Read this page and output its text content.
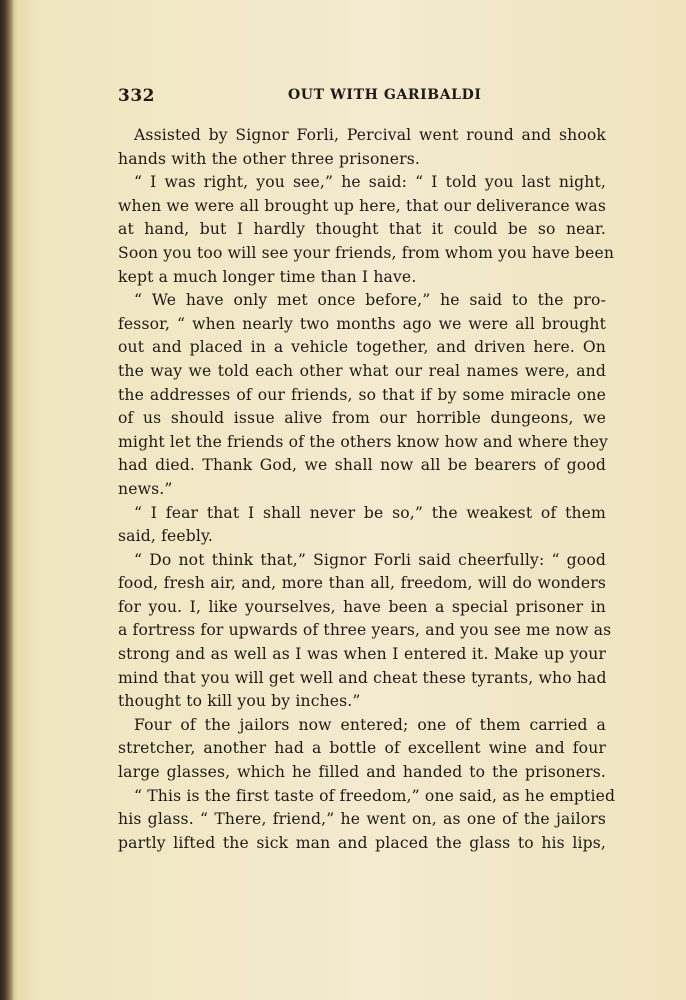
332	OUT WITH GARIBALDI
Assisted by Signor Forli, Percival went round and shook
hands with the other three prisoners.
“ I was right, you see,” he said: “ I told you last night,
when we were all brought up here, that our deliverance was
at hand, but I hardly thought that it could be so near.
Soon you too will see your friends, from whom you have been
kept a much longer time than I have.
“ We have only met once before,” he said to the pro-
fessor, “ when nearly two months ago we were all brought
out and placed in a vehicle together, and driven here. On
the way we told each other what our real names were, and
the addresses of our friends, so that if by some miracle one
of us should issue alive from our horrible dungeons, we
might let the friends of the others know how and where they
had died. Thank God, we shall now all be bearers of good
news.”
“ I fear that I shall never be so,” the weakest of them
said, feebly.
“ Do not think that,” Signor Forli said cheerfully: “ good
food, fresh air, and, more than all, freedom, will do wonders
for you. I, like yourselves, have been a special prisoner in
a fortress for upwards of three years, and you see me now as
strong and as well as I was when I entered it. Make up your
mind that you will get well and cheat these tyrants, who had
thought to kill you by inches.”
Four of the jailors now entered; one of them carried a
stretcher, another had a bottle of excellent wine and four
large glasses, which he filled and handed to the prisoners.
“ This is the first taste of freedom,” one said, as he emptied
his glass. “ There, friend,” he went on, as one of the jailors
partly lifted the sick man and placed the glass to his lips,
